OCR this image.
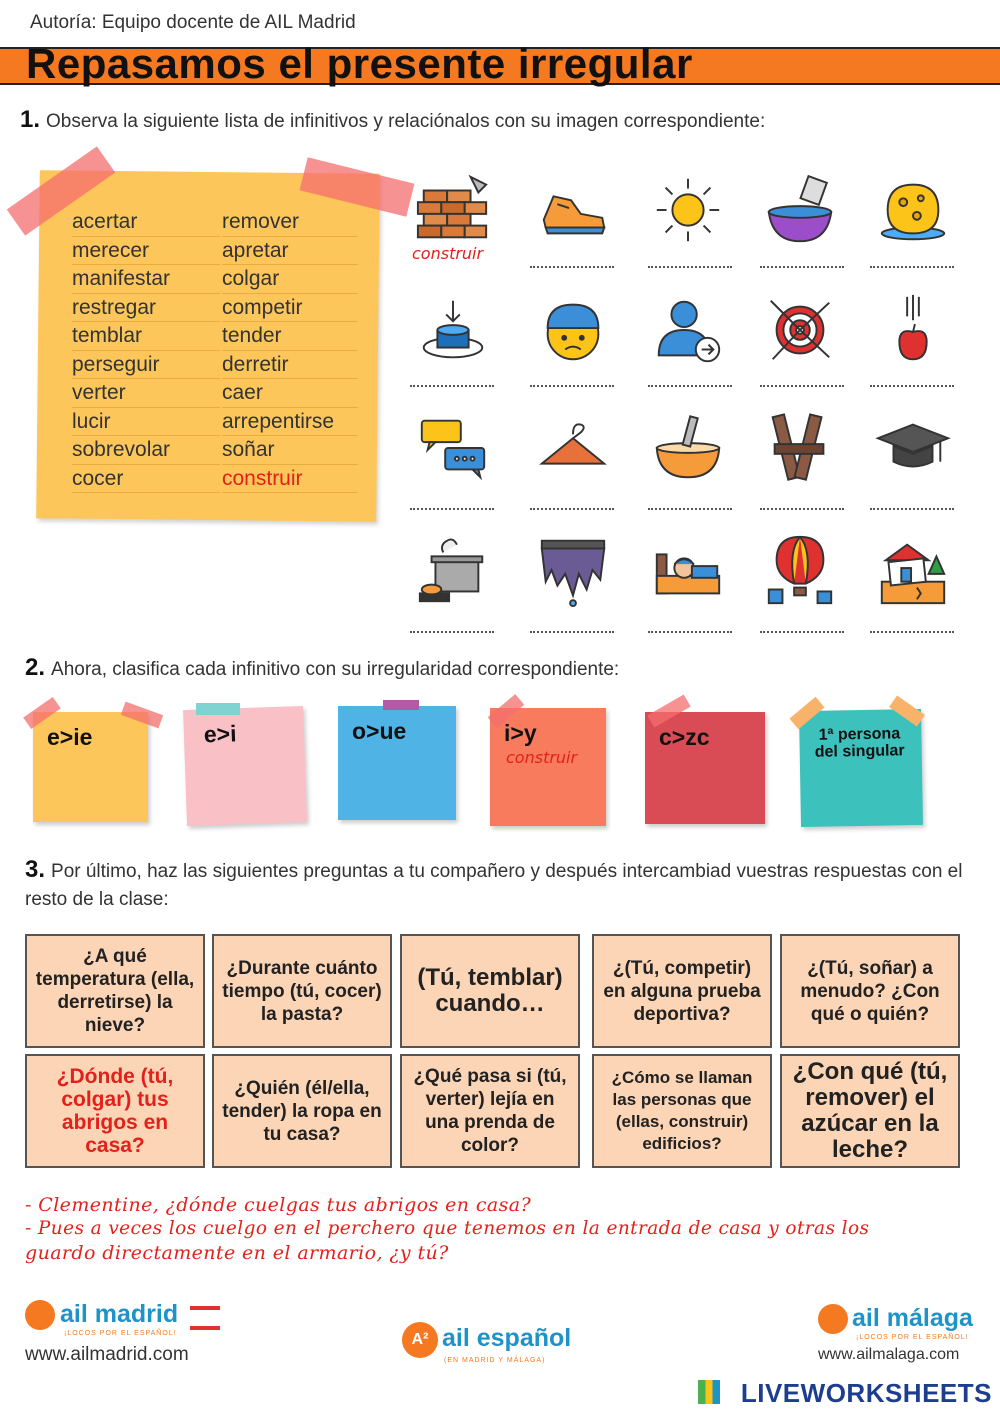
Autoría: Equipo docente de AIL Madrid
Repasamos el presente irregular
1. Observa la siguiente lista de infinitivos y relaciónalos con su imagen correspondiente:
acertar
merecer
manifestar
restregar
temblar
perseguir
verter
lucir
sobrevolar
cocer
remover
apretar
colgar
competir
tender
derretir
caer
arrepentirse
soñar
construir
construir
2. Ahora, clasifica cada infinitivo con su irregularidad correspondiente:
e>ie	e>i	o>ue	i>y
construir
c>zc	1ª persona del singular
3. Por último, haz las siguientes preguntas a tu compañero y después intercambiad vuestras respuestas con el resto de la clase:
¿A qué temperatura (ella, derretirse) la nieve?
¿Durante cuánto tiempo (tú, cocer) la pasta?
(Tú, temblar) cuando…
¿(Tú, competir) en alguna prueba deportiva?
¿(Tú, soñar) a menudo? ¿Con qué o quién?
¿Dónde (tú, colgar) tus abrigos en casa?
¿Quién (él/ella, tender) la ropa en tu casa?
¿Qué pasa si (tú, verter) lejía en una prenda de color?
¿Cómo se llaman las personas que (ellas, construir) edificios?
¿Con qué (tú, remover) el azúcar en la leche?
- Clementine, ¿dónde cuelgas tus abrigos en casa?
- Pues a veces los cuelgo en el perchero que tenemos en la entrada de casa y otras los
guardo directamente en el armario, ¿y tú?
ail madrid
¡LOCOS POR EL ESPAÑOL!
www.ailmadrid.com
A² ail español
(EN MADRID Y MÁLAGA)
ail málaga
¡LOCOS POR EL ESPAÑOL!
www.ailmalaga.com
LIVEWORKSHEETS
